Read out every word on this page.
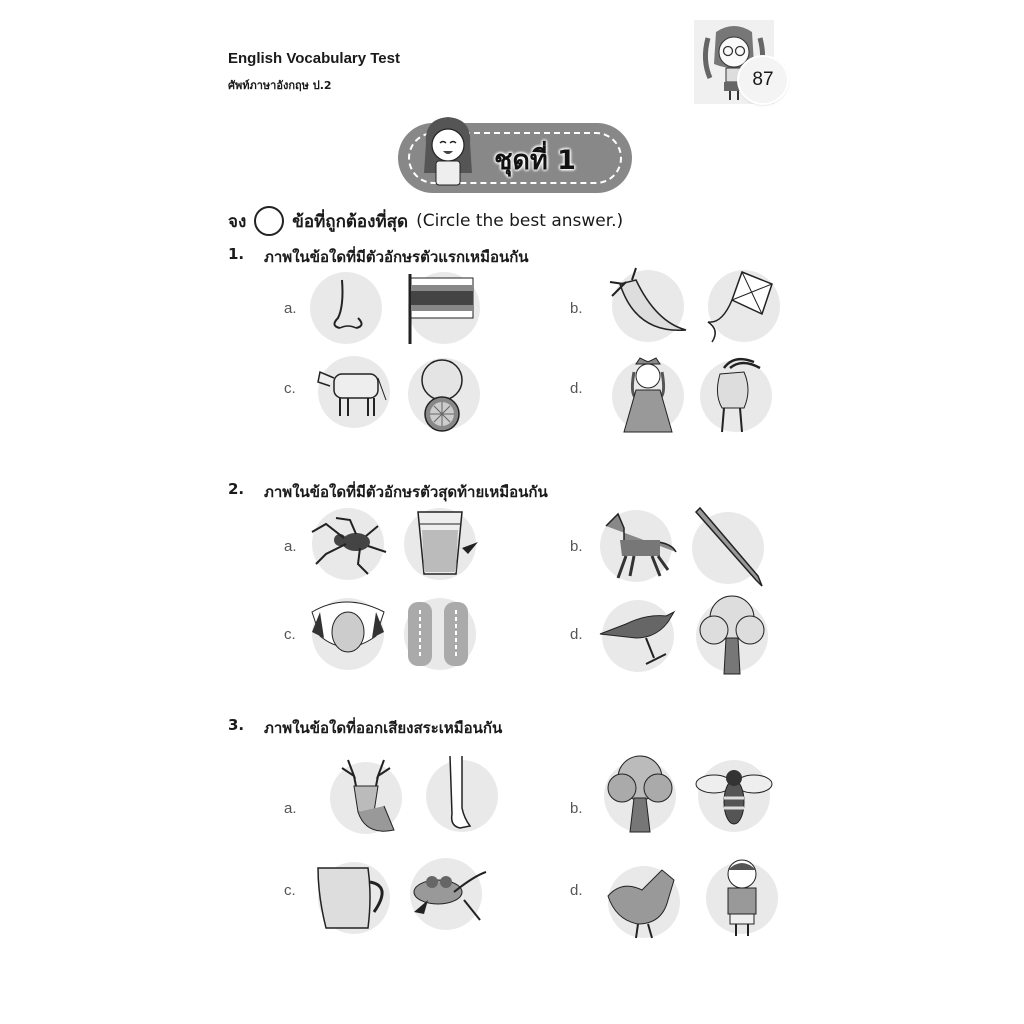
English Vocabulary Test
ศัพท์ภาษาอังกฤษ ป.2	87
ชุดที่ 1
จง	ข้อที่ถูกต้องที่สุด (Circle the best answer.)
1. ภาพในข้อใดที่มีตัวอักษรตัวแรกเหมือนกัน
a.	b.
c.	d.
2. ภาพในข้อใดที่มีตัวอักษรตัวสุดท้ายเหมือนกัน
a.	b.
c.	d.
3. ภาพในข้อใดที่ออกเสียงสระเหมือนกัน
a.	b.
c.	d.
